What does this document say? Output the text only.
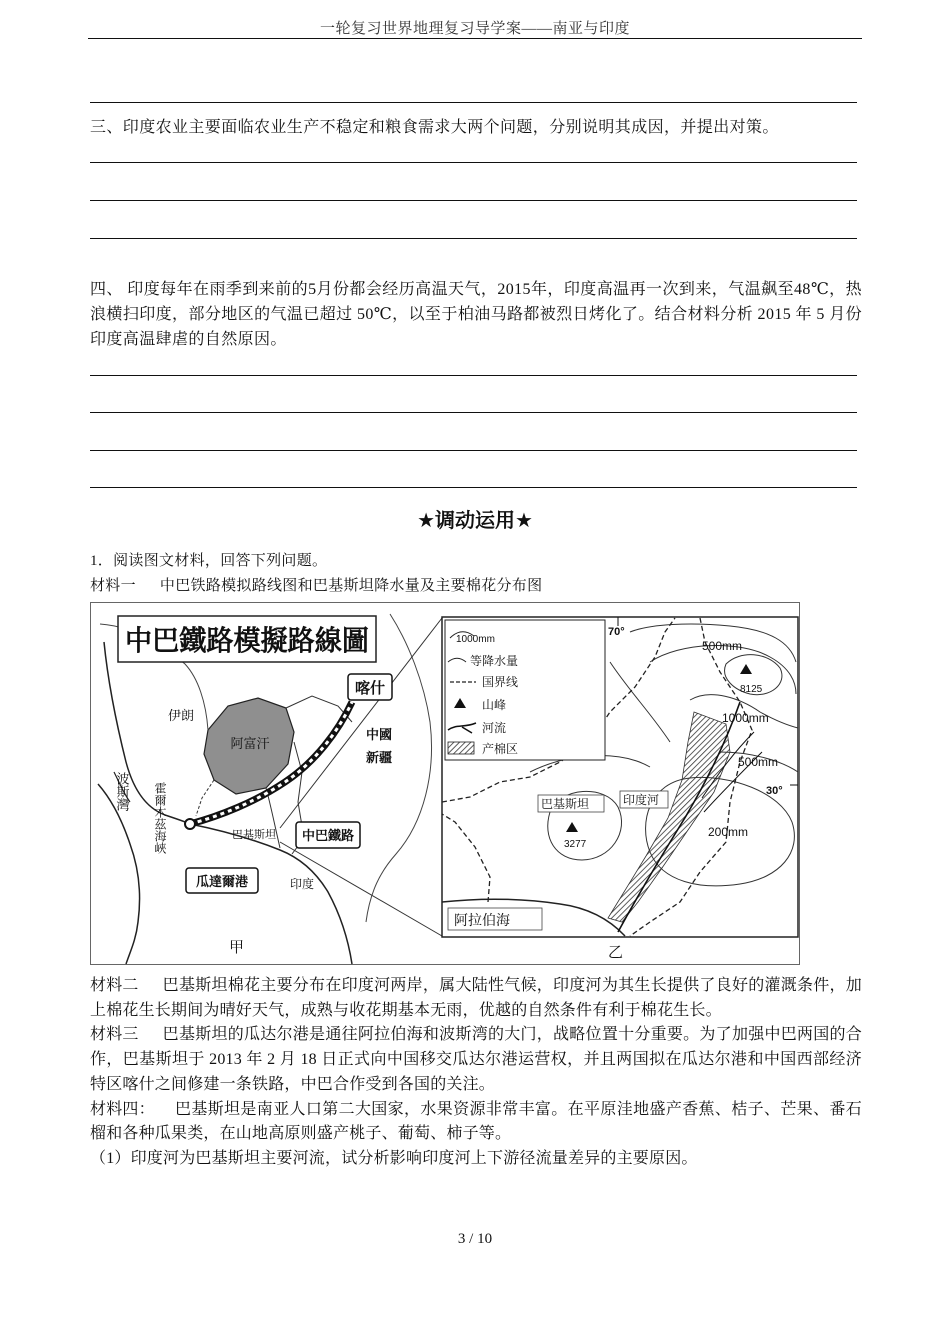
一轮复习世界地理复习导学案——南亚与印度
三、印度农业主要面临农业生产不稳定和粮食需求大两个问题，分别说明其成因，并提出对策。
四、 印度每年在雨季到来前的5月份都会经历高温天气，2015年，印度高温再一次到来，气温飙至48℃，热浪横扫印度，部分地区的气温已超过 50℃，以至于柏油马路都被烈日烤化了。结合材料分析 2015 年 5 月份印度高温肆虐的自然原因。
★调动运用★
1．阅读图文材料，回答下列问题。
材料一 中巴铁路模拟路线图和巴基斯坦降水量及主要棉花分布图
中巴鐵路模擬路線圖
喀什
中國
新疆
伊朗
阿富汗
波斯灣 霍爾木茲海峽	巴基斯坦 中巴鐵路
瓜達爾港	印度
甲
1000mm
等降水量
国界线
山峰
河流
产棉区
70°
500mm
8125
1000mm
500mm
30°
巴基斯坦	印度河
3277
200mm
阿拉伯海
乙

材料二 巴基斯坦棉花主要分布在印度河两岸，属大陆性气候，印度河为其生长提供了良好的灌溉条件，加上棉花生长期间为晴好天气，成熟与收花期基本无雨，优越的自然条件有利于棉花生长。

材料三 巴基斯坦的瓜达尔港是通往阿拉伯海和波斯湾的大门，战略位置十分重要。为了加强中巴两国的合作，巴基斯坦于 2013 年 2 月 18 日正式向中国移交瓜达尔港运营权，并且两国拟在瓜达尔港和中国西部经济特区喀什之间修建一条铁路，中巴合作受到各国的关注。

材料四： 巴基斯坦是南亚人口第二大国家，水果资源非常丰富。在平原洼地盛产香蕉、桔子、芒果、番石榴和各种瓜果类，在山地高原则盛产桃子、葡萄、柿子等。

（1）印度河为巴基斯坦主要河流，试分析影响印度河上下游径流量差异的主要原因。

3 / 10
